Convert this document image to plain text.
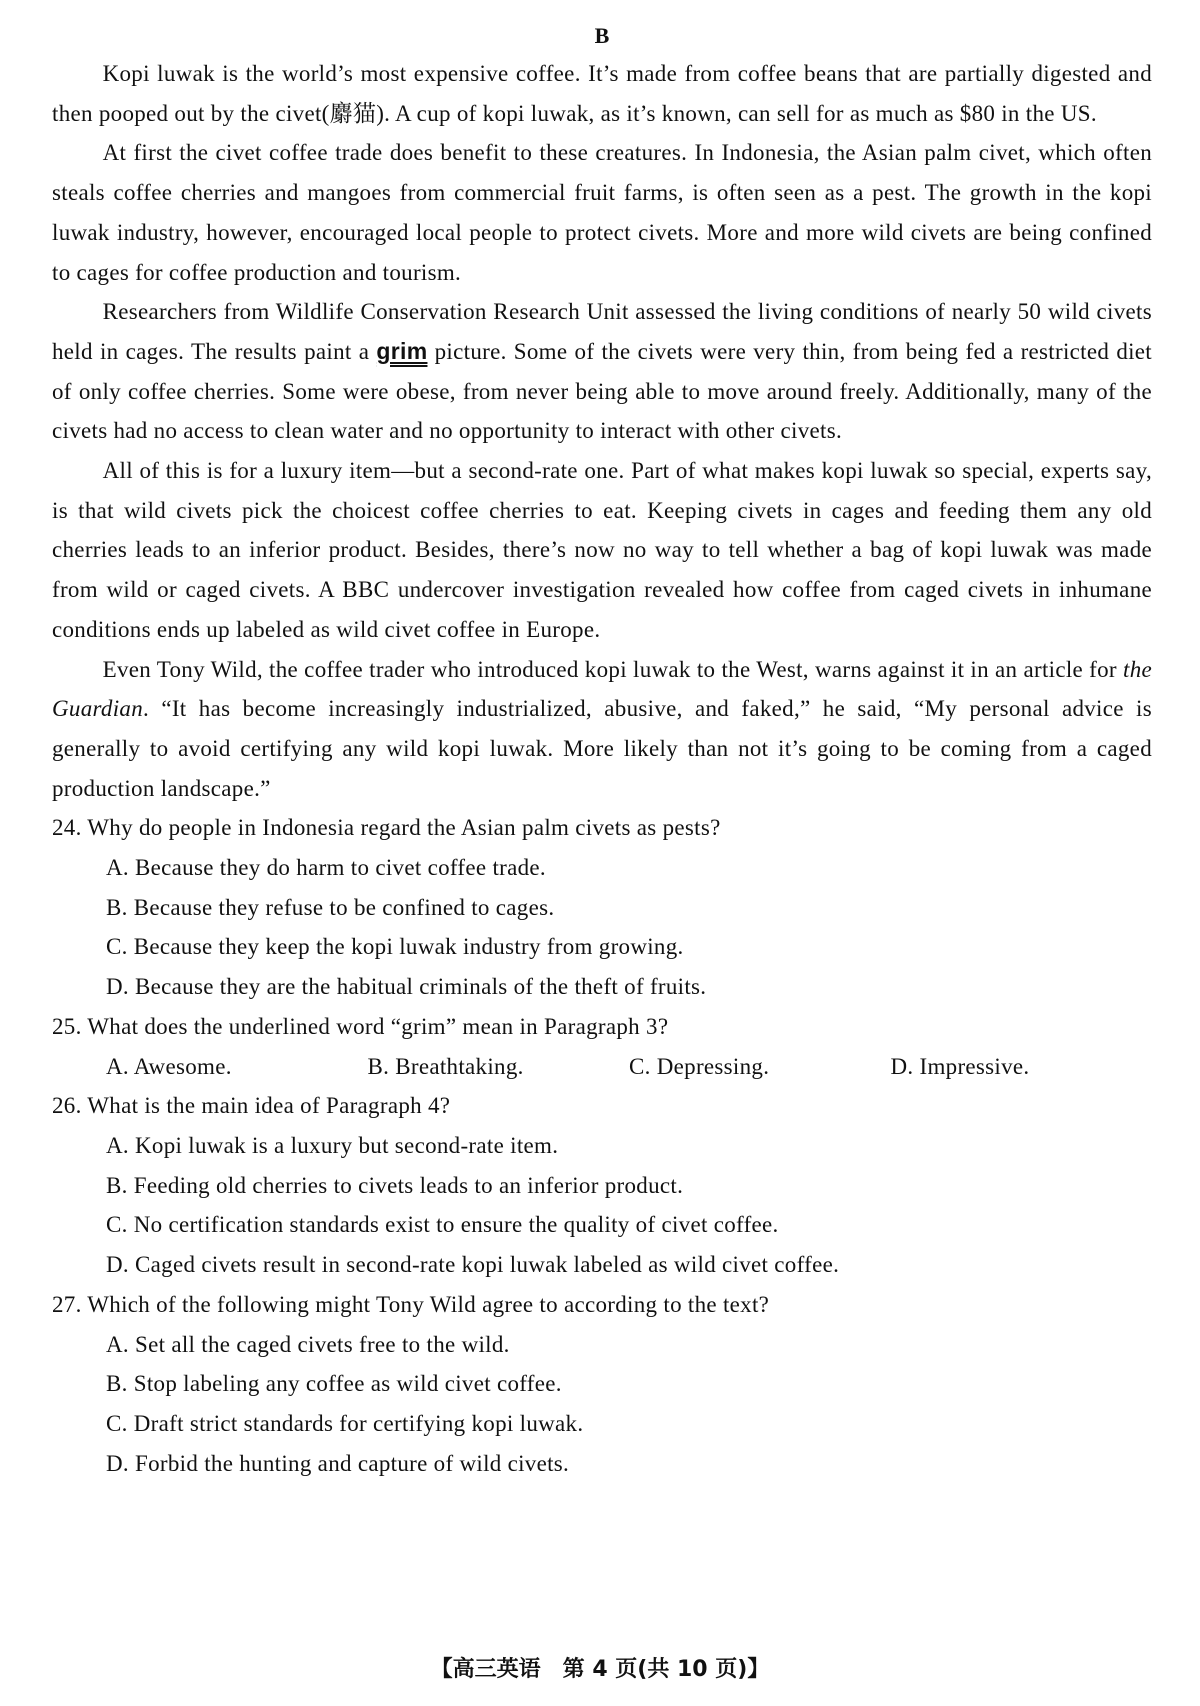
B

Kopi luwak is the world’s most expensive coffee. It’s made from coffee beans that are partially digested and then pooped out by the civet(麝猫). A cup of kopi luwak, as it’s known, can sell for as much as $80 in the US.

At first the civet coffee trade does benefit to these creatures. In Indonesia, the Asian palm civet, which often steals coffee cherries and mangoes from commercial fruit farms, is often seen as a pest. The growth in the kopi luwak industry, however, encouraged local people to protect civets. More and more wild civets are being confined to cages for coffee production and tourism.

Researchers from Wildlife Conservation Research Unit assessed the living conditions of nearly 50 wild civets held in cages. The results paint a grim picture. Some of the civets were very thin, from being fed a restricted diet of only coffee cherries. Some were obese, from never being able to move around freely. Additionally, many of the civets had no access to clean water and no opportunity to interact with other civets.

All of this is for a luxury item—but a second-rate one. Part of what makes kopi luwak so special, experts say, is that wild civets pick the choicest coffee cherries to eat. Keeping civets in cages and feeding them any old cherries leads to an inferior product. Besides, there’s now no way to tell whether a bag of kopi luwak was made from wild or caged civets. A BBC undercover investigation revealed how coffee from caged civets in inhumane conditions ends up labeled as wild civet coffee in Europe.

Even Tony Wild, the coffee trader who introduced kopi luwak to the West, warns against it in an article for the Guardian. “It has become increasingly industrialized, abusive, and faked,” he said, “My personal advice is generally to avoid certifying any wild kopi luwak. More likely than not it’s going to be coming from a caged production landscape.”

24. Why do people in Indonesia regard the Asian palm civets as pests?

A. Because they do harm to civet coffee trade.

B. Because they refuse to be confined to cages.

C. Because they keep the kopi luwak industry from growing.

D. Because they are the habitual criminals of the theft of fruits.

25. What does the underlined word “grim” mean in Paragraph 3?

A. Awesome.	B. Breathtaking.	C. Depressing.	D. Impressive.

26. What is the main idea of Paragraph 4?

A. Kopi luwak is a luxury but second-rate item.

B. Feeding old cherries to civets leads to an inferior product.

C. No certification standards exist to ensure the quality of civet coffee.

D. Caged civets result in second-rate kopi luwak labeled as wild civet coffee.

27. Which of the following might Tony Wild agree to according to the text?

A. Set all the caged civets free to the wild.

B. Stop labeling any coffee as wild civet coffee.

C. Draft strict standards for certifying kopi luwak.

D. Forbid the hunting and capture of wild civets.

【高三英语　第 4 页(共 10 页)】
